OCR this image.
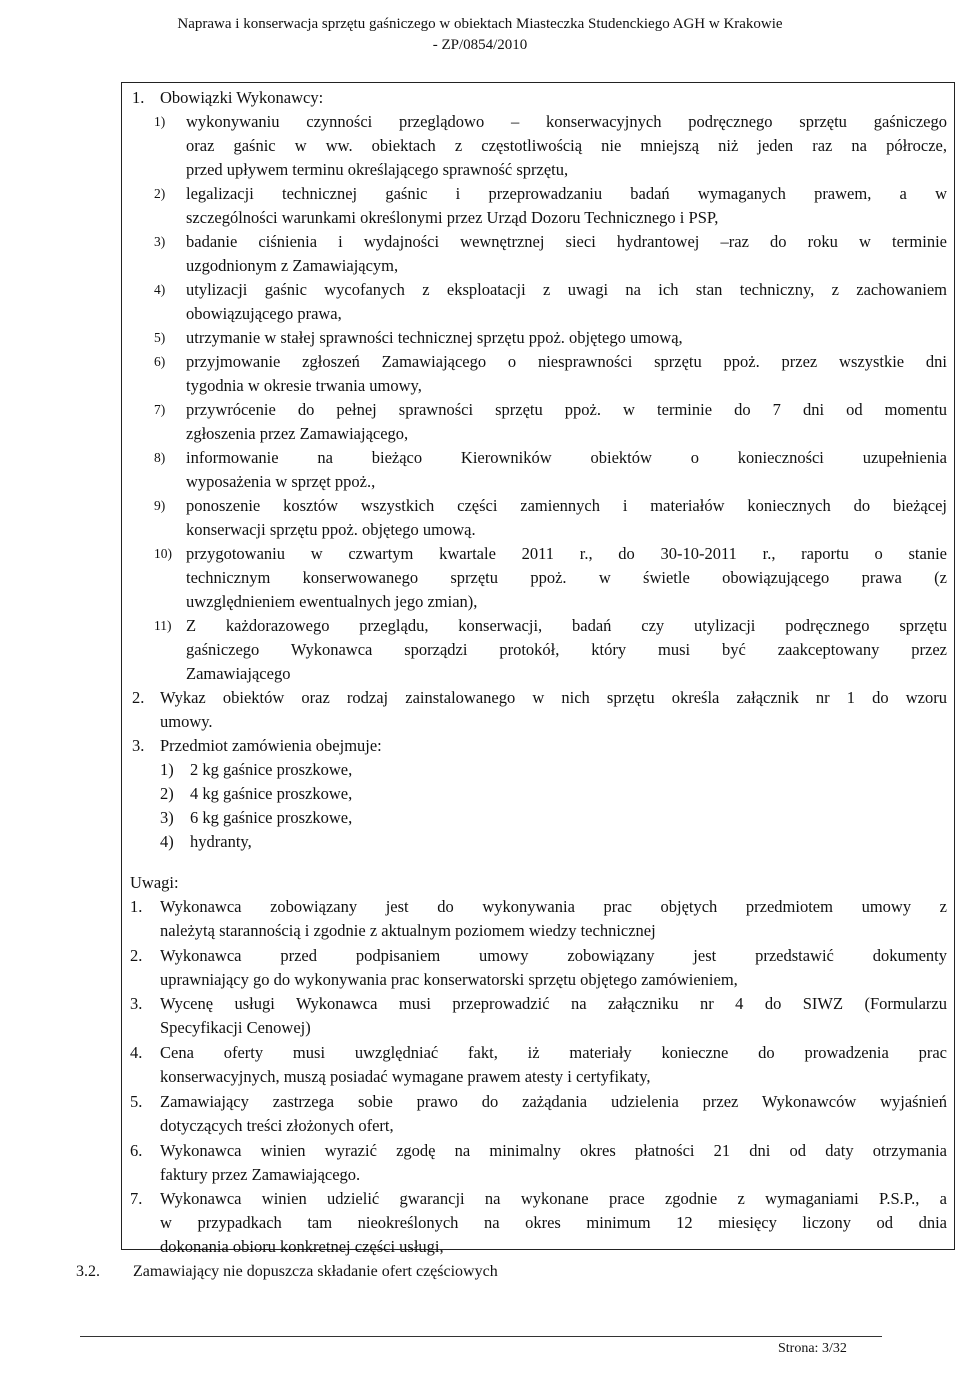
Naprawa i konserwacja sprzętu gaśniczego w obiektach Miasteczka Studenckiego AGH w Krakowie
- ZP/0854/2010
1. Obowiązki Wykonawcy:
1) wykonywaniu czynności przeglądowo – konserwacyjnych podręcznego sprzętu gaśniczego
oraz gaśnic w ww. obiektach z częstotliwością nie mniejszą niż jeden raz na półrocze,
przed upływem terminu określającego sprawność sprzętu,
2) legalizacji technicznej gaśnic i przeprowadzaniu badań wymaganych prawem, a w
szczególności warunkami określonymi przez Urząd Dozoru Technicznego i PSP,
3) badanie ciśnienia i wydajności wewnętrznej sieci hydrantowej –raz do roku w terminie
uzgodnionym z Zamawiającym,
4) utylizacji gaśnic wycofanych z eksploatacji z uwagi na ich stan techniczny, z zachowaniem
obowiązującego prawa,
5) utrzymanie w stałej sprawności technicznej sprzętu ppoż. objętego umową,
6) przyjmowanie zgłoszeń Zamawiającego o niesprawności sprzętu ppoż. przez wszystkie dni
tygodnia w okresie trwania umowy,
7) przywrócenie do pełnej sprawności sprzętu ppoż. w terminie do 7 dni od momentu
zgłoszenia przez Zamawiającego,
8) informowanie na bieżąco Kierowników obiektów o konieczności uzupełnienia
wyposażenia w sprzęt ppoż.,
9) ponoszenie kosztów wszystkich części zamiennych i materiałów koniecznych do bieżącej
konserwacji sprzętu ppoż. objętego umową.
10) przygotowaniu w czwartym kwartale 2011 r., do 30-10-2011 r., raportu o stanie
technicznym konserwowanego sprzętu ppoż. w świetle obowiązującego prawa (z
uwzględnieniem ewentualnych jego zmian),
11) Z każdorazowego przeglądu, konserwacji, badań czy utylizacji podręcznego sprzętu
gaśniczego Wykonawca sporządzi protokół, który musi być zaakceptowany przez
Zamawiającego
2. Wykaz obiektów oraz rodzaj zainstalowanego w nich sprzętu określa załącznik nr 1 do wzoru
umowy.
3. Przedmiot zamówienia obejmuje:
1) 2 kg gaśnice proszkowe,
2) 4 kg gaśnice proszkowe,
3) 6 kg gaśnice proszkowe,
4) hydranty,
Uwagi:
1. Wykonawca zobowiązany jest do wykonywania prac objętych przedmiotem umowy z
należytą starannością i zgodnie z aktualnym poziomem wiedzy technicznej
2. Wykonawca przed podpisaniem umowy zobowiązany jest przedstawić dokumenty
uprawniający go do wykonywania prac konserwatorski sprzętu objętego zamówieniem,
3. Wycenę usługi Wykonawca musi przeprowadzić na załączniku nr 4 do SIWZ (Formularzu
Specyfikacji Cenowej)
4. Cena oferty musi uwzględniać fakt, iż materiały konieczne do prowadzenia prac
konserwacyjnych, muszą posiadać wymagane prawem atesty i certyfikaty,
5. Zamawiający zastrzega sobie prawo do zażądania udzielenia przez Wykonawców wyjaśnień
dotyczących treści złożonych ofert,
6. Wykonawca winien wyrazić zgodę na minimalny okres płatności 21 dni od daty otrzymania
faktury przez Zamawiającego.
7. Wykonawca winien udzielić gwarancji na wykonane prace zgodnie z wymaganiami P.S.P., a
w przypadkach tam nieokreślonych na okres minimum 12 miesięcy liczony od dnia
dokonania obioru konkretnej części usługi,
3.2. Zamawiający nie dopuszcza składanie ofert częściowych
Strona: 3/32
